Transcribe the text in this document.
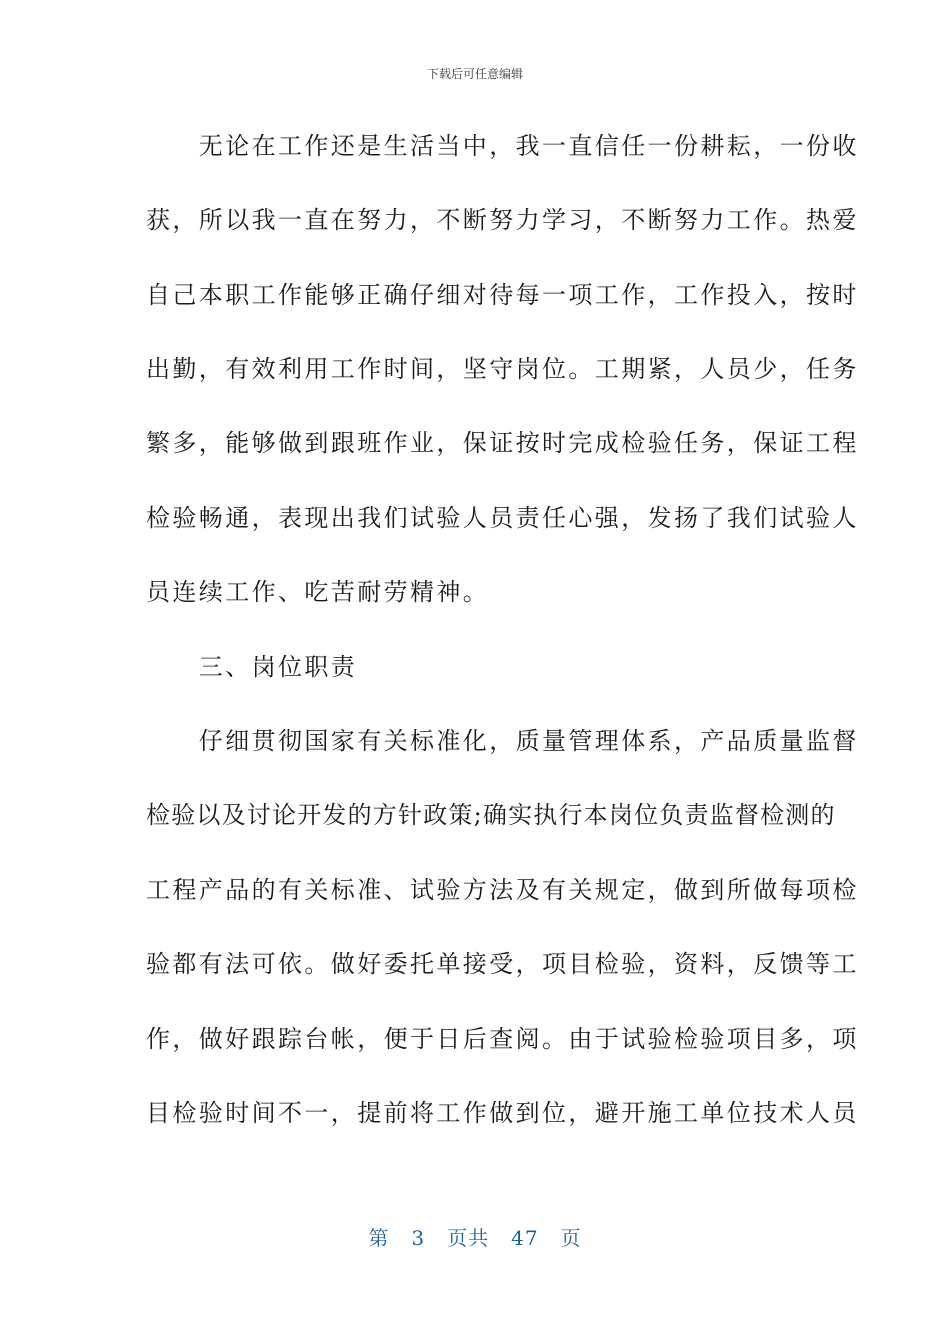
下载后可任意编辑
　　无论在工作还是生活当中，我一直信任一份耕耘，一份收
获，所以我一直在努力，不断努力学习，不断努力工作。热爱
自己本职工作能够正确仔细对待每一项工作，工作投入，按时
出勤，有效利用工作时间，坚守岗位。工期紧，人员少，任务
繁多，能够做到跟班作业，保证按时完成检验任务，保证工程
检验畅通，表现出我们试验人员责任心强，发扬了我们试验人
员连续工作、吃苦耐劳精神。
　　三、岗位职责
　　仔细贯彻国家有关标准化，质量管理体系，产品质量监督
检验以及讨论开发的方针政策;确实执行本岗位负责监督检测的
工程产品的有关标准、试验方法及有关规定，做到所做每项检
验都有法可依。做好委托单接受，项目检验，资料，反馈等工
作，做好跟踪台帐，便于日后查阅。由于试验检验项目多，项
目检验时间不一，提前将工作做到位，避开施工单位技术人员
第 3 页共 47 页
